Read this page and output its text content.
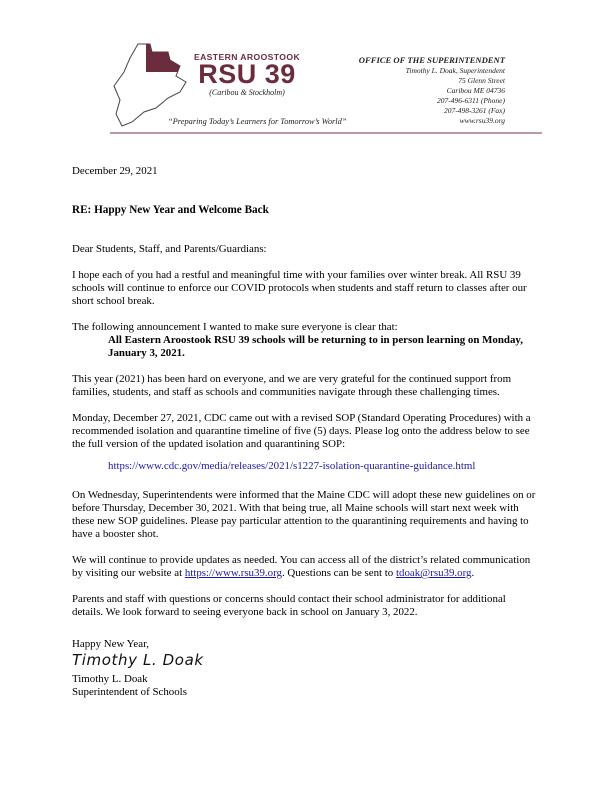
EASTERN AROOSTOOK
RSU 39
(Caribou & Stockholm)
“Preparing Today’s Learners for Tomorrow’s World”
OFFICE OF THE SUPERINTENDENT
Timothy L. Doak, Superintendent
75 Glenn Street
Caribou ME 04736
207-496-6311 (Phone)
207-498-3261 (Fax)
www.rsu39.org
December 29, 2021
RE: Happy New Year and Welcome Back
Dear Students, Staff, and Parents/Guardians:
I hope each of you had a restful and meaningful time with your families over winter break. All RSU 39
schools will continue to enforce our COVID protocols when students and staff return to classes after our
short school break.
The following announcement I wanted to make sure everyone is clear that:
All Eastern Aroostook RSU 39 schools will be returning to in person learning on Monday,
January 3, 2021.
This year (2021) has been hard on everyone, and we are very grateful for the continued support from
families, students, and staff as schools and communities navigate through these challenging times.
Monday, December 27, 2021, CDC came out with a revised SOP (Standard Operating Procedures) with a
recommended isolation and quarantine timeline of five (5) days. Please log onto the address below to see
the full version of the updated isolation and quarantining SOP:
https://www.cdc.gov/media/releases/2021/s1227-isolation-quarantine-guidance.html
On Wednesday, Superintendents were informed that the Maine CDC will adopt these new guidelines on or
before Thursday, December 30, 2021. With that being true, all Maine schools will start next week with
these new SOP guidelines. Please pay particular attention to the quarantining requirements and having to
have a booster shot.
We will continue to provide updates as needed. You can access all of the district’s related communication
by visiting our website at https://www.rsu39.org. Questions can be sent to tdoak@rsu39.org.
Parents and staff with questions or concerns should contact their school administrator for additional
details. We look forward to seeing everyone back in school on January 3, 2022.
Happy New Year,
Timothy L. Doak
Timothy L. Doak
Superintendent of Schools
